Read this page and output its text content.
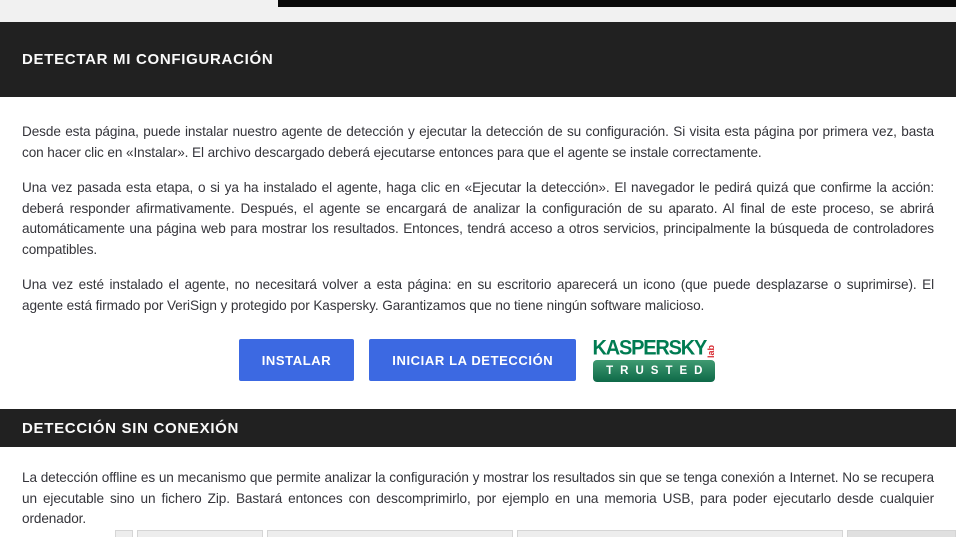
DETECTAR MI CONFIGURACIÓN

Desde esta página, puede instalar nuestro agente de detección y ejecutar la detección de su configuración. Si visita esta página por primera vez, basta con hacer clic en «Instalar». El archivo descargado deberá ejecutarse entonces para que el agente se instale correctamente.

Una vez pasada esta etapa, o si ya ha instalado el agente, haga clic en «Ejecutar la detección». El navegador le pedirá quizá que confirme la acción: deberá responder afirmativamente. Después, el agente se encargará de analizar la configuración de su aparato. Al final de este proceso, se abrirá automáticamente una página web para mostrar los resultados. Entonces, tendrá acceso a otros servicios, principalmente la búsqueda de controladores compatibles.

Una vez esté instalado el agente, no necesitará volver a esta página: en su escritorio aparecerá un icono (que puede desplazarse o suprimirse). El agente está firmado por VeriSign y protegido por Kaspersky. Garantizamos que no tiene ningún software malicioso.

INSTALAR	INICIAR LA DETECCIÓN
KASPERSKY lab
TRUSTED
DETECCIÓN SIN CONEXIÓN

La detección offline es un mecanismo que permite analizar la configuración y mostrar los resultados sin que se tenga conexión a Internet. No se recupera un ejecutable sino un fichero Zip. Bastará entonces con descomprimirlo, por ejemplo en una memoria USB, para poder ejecutarlo desde cualquier ordenador.
